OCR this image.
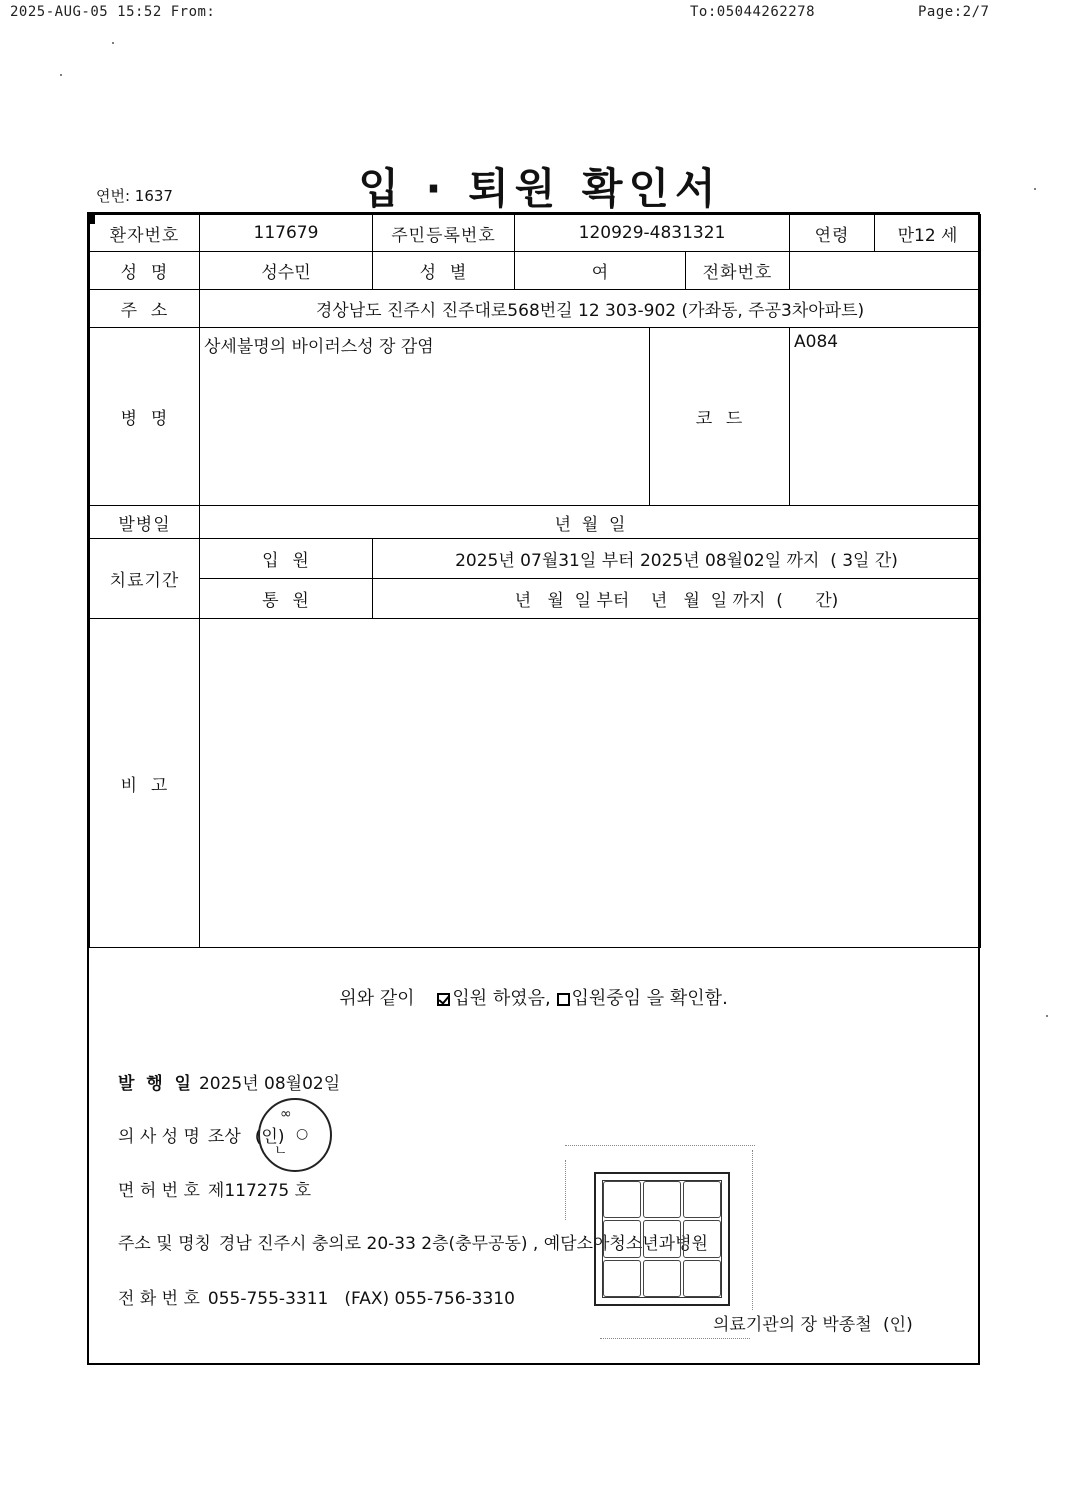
2025-AUG-05 15:52 From:	To:05044262278	Page:2/7
입 · 퇴원 확인서
연번: 1637
환자번호	117679	주민등록번호	120929-4831321			연령	만12 세
성  명	성수민	성  별	여		전화번호		
주  소	경상남도 진주시 진주대로568번길 12 303-902 (가좌동, 주공3차아파트)						
병  명	상세불명의 바이러스성 장 감염			코  드		A084	
발병일	년  월  일						
치료기간	입  원	2025년 07월31일 부터 2025년 08월02일 까지  ( 3일 간)					
	통  원	년   월  일 부터    년   월  일 까지  (      간)					
비  고							
위와 같이 입원 하였음, 입원중임 을 확인함.
발  행  일 2025년 08월02일
의 사 성 명 조상 (인)
면 허 번 호 제117275 호
주소 및 명칭 경남 진주시 충의로 20-33 2층(충무공동) , 예담소아청소년과병원
전 화 번 호 055-755-3311 (FAX) 055-756-3310
의료기관의 장 박종철 (인)
∞
○
ㄴ
